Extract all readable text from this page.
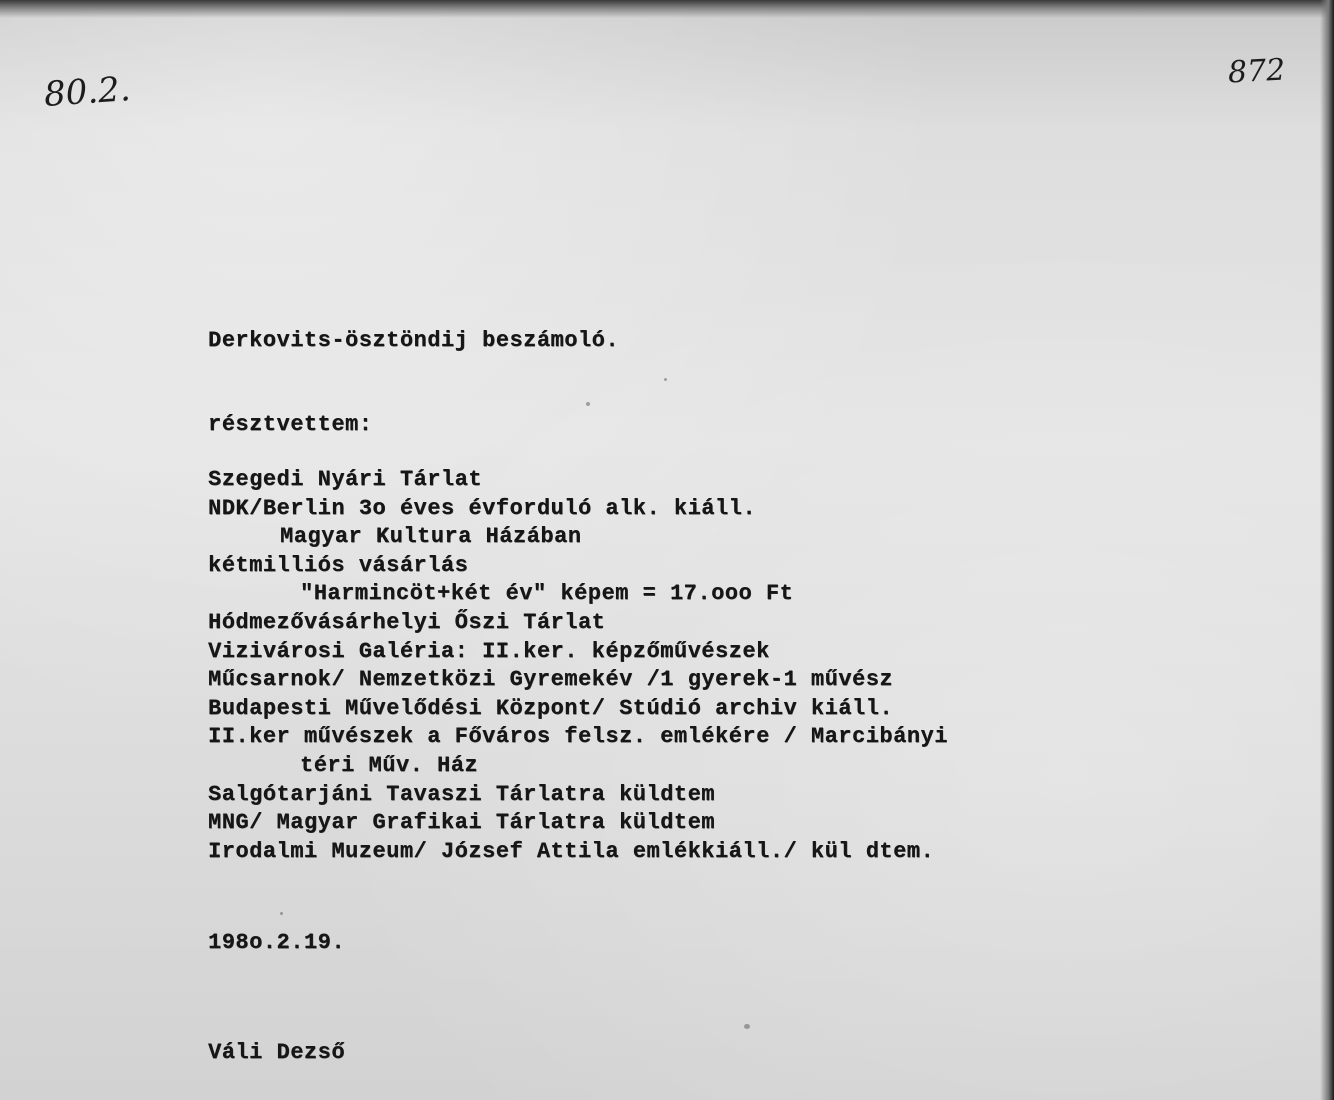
80.2.	872
Derkovits-ösztöndij beszámoló.
résztvettem:
Szegedi Nyári Tárlat
NDK/Berlin 3o éves évforduló alk. kiáll.
Magyar Kultura Házában
kétmilliós vásárlás
"Harmincöt+két év" képem = 17.ooo Ft
Hódmezővásárhelyi Őszi Tárlat
Vizivárosi Galéria: II.ker. képzőművészek
Műcsarnok/ Nemzetközi Gyremekév /1 gyerek-1 művész
Budapesti Művelődési Központ/ Stúdió archiv kiáll.
II.ker művészek a Főváros felsz. emlékére / Marcibányi
téri Műv. Ház
Salgótarjáni Tavaszi Tárlatra küldtem
MNG/ Magyar Grafikai Tárlatra küldtem
Irodalmi Muzeum/ József Attila emlékkiáll./ kül dtem.
198o.2.19.
Váli Dezső
